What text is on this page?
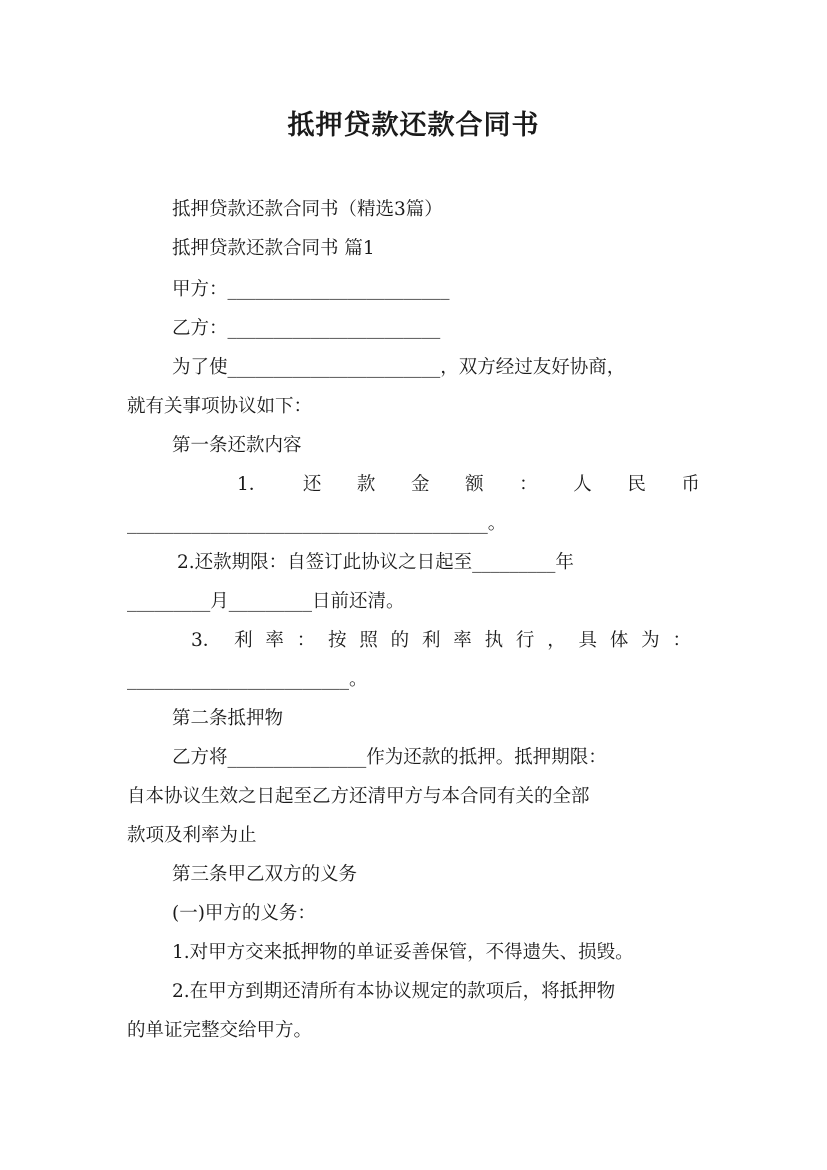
抵押贷款还款合同书
抵押贷款还款合同书（精选3篇）
抵押贷款还款合同书 篇1
甲方：________________________
乙方：_______________________
为了使_______________________，双方经过友好协商，
就有关事项协议如下：
第一条还款内容
1． 还 款 金 额 ： 人 民 币
_______________________________________。
2.还款期限：自签订此协议之日起至_________年
_________月_________日前还清。
3． 利 率 ： 按 照 的 利 率 执 行 ， 具 体 为 ：
________________________。
第二条抵押物
乙方将_______________作为还款的抵押。抵押期限：
自本协议生效之日起至乙方还清甲方与本合同有关的全部
款项及利率为止
第三条甲乙双方的义务
(一)甲方的义务：
1.对甲方交来抵押物的单证妥善保管，不得遗失、损毁。
2.在甲方到期还清所有本协议规定的款项后，将抵押物
的单证完整交给甲方。
